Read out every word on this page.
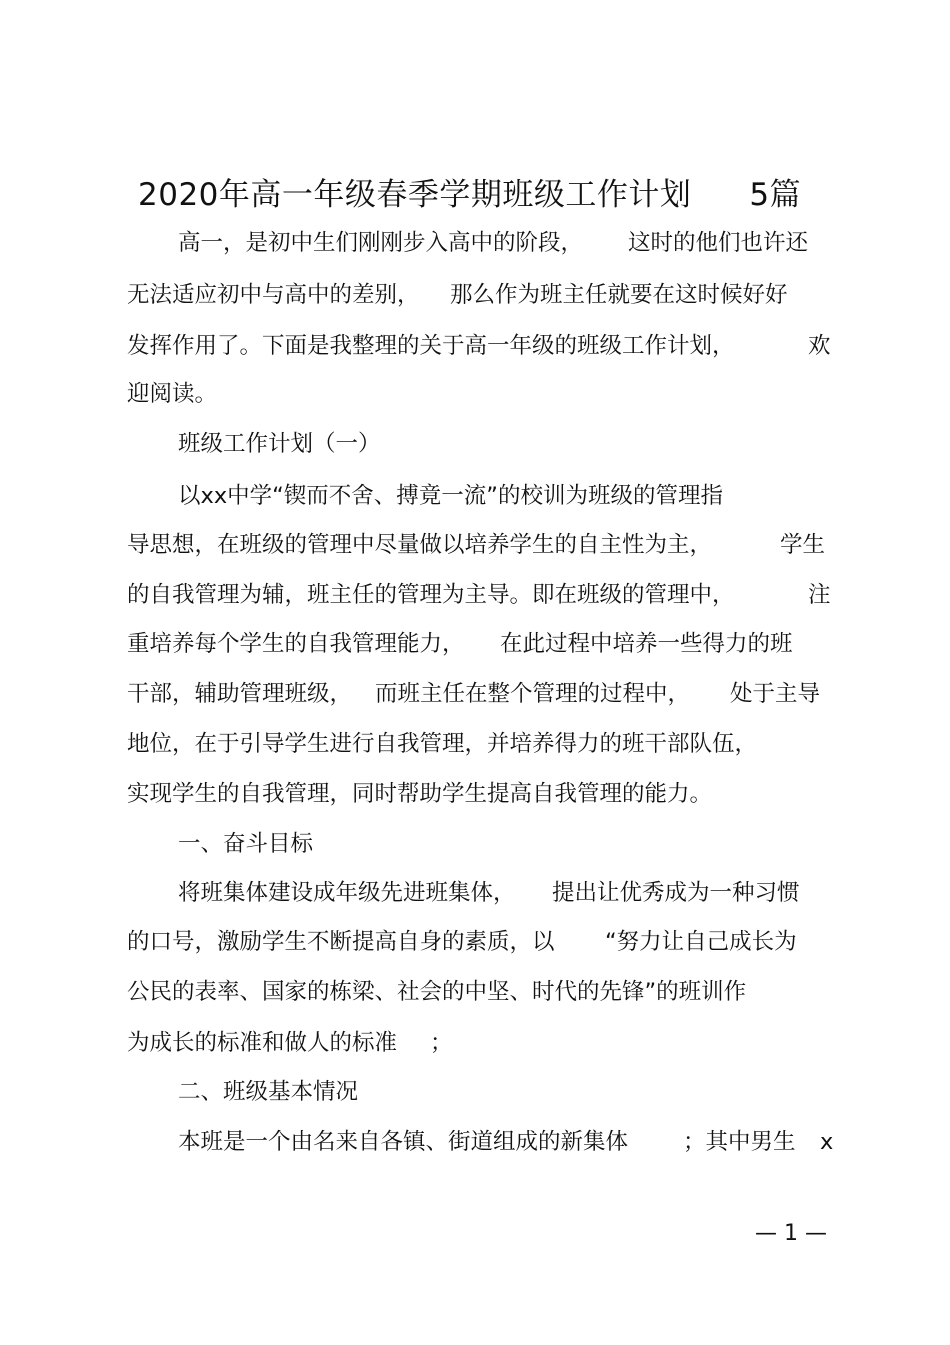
2020年高一年级春季学期班级工作计划 5篇
高一，是初中生们刚刚步入高中的阶段， 这时的他们也许还
无法适应初中与高中的差别， 那么作为班主任就要在这时候好好
发挥作用了。下面是我整理的关于高一年级的班级工作计划，	欢
迎阅读。
班级工作计划（一）
以xx中学“锲而不舍、搏竟一流”的校训为班级的管理指
导思想，在班级的管理中尽量做以培养学生的自主性为主，	学生
的自我管理为辅，班主任的管理为主导。即在班级的管理中，	注
重培养每个学生的自我管理能力， 在此过程中培养一些得力的班
干部，辅助管理班级， 而班主任在整个管理的过程中， 处于主导
地位，在于引导学生进行自我管理，并培养得力的班干部队伍，
实现学生的自我管理，同时帮助学生提高自我管理的能力。
一、奋斗目标
将班集体建设成年级先进班集体， 提出让优秀成为一种习惯
的口号，激励学生不断提高自身的素质，以 “努力让自己成长为
公民的表率、国家的栋梁、社会的中坚、时代的先锋”的班训作
为成长的标准和做人的标准 ；
二、班级基本情况
本班是一个由名来自各镇、街道组成的新集体 ；其中男生 x
— 1 —
